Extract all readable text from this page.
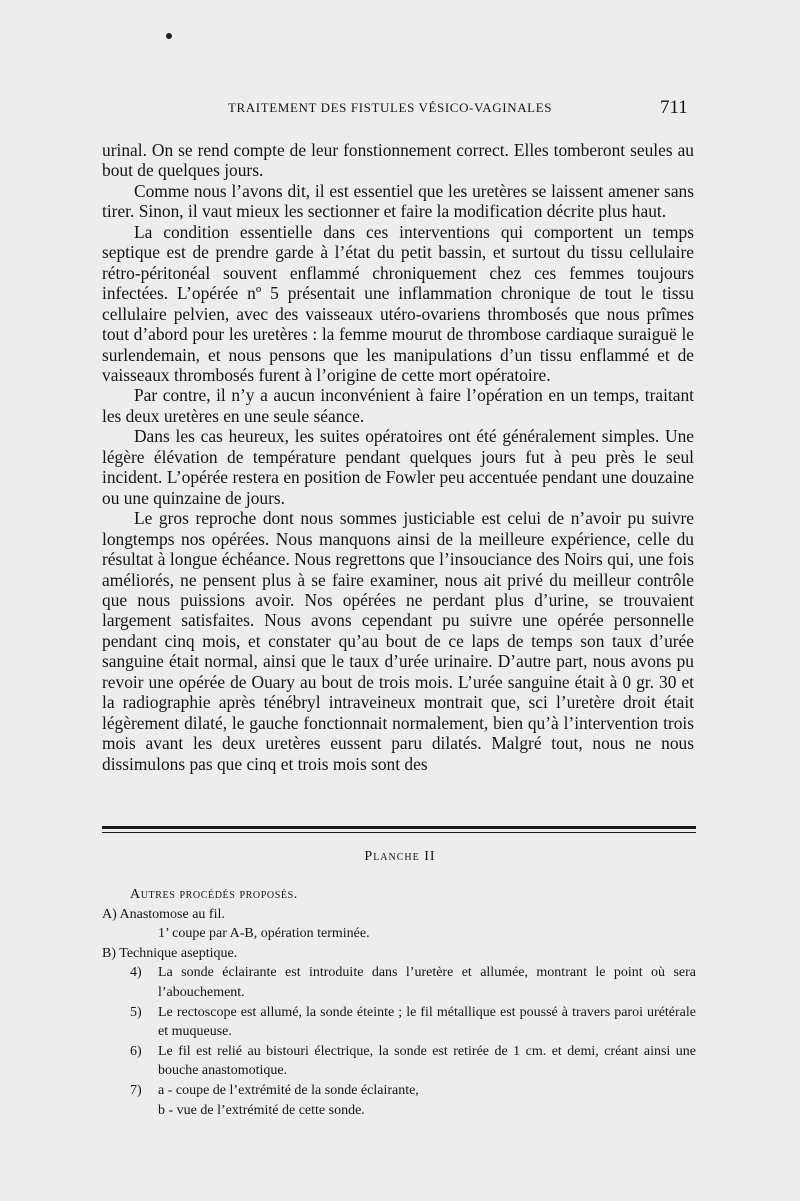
TRAITEMENT DES FISTULES VÉSICO-VAGINALES	711

urinal. On se rend compte de leur fonstionnement correct. Elles tomberont seules au bout de quelques jours.

Comme nous l’avons dit, il est essentiel que les uretères se laissent amener sans tirer. Sinon, il vaut mieux les sectionner et faire la modification décrite plus haut.

La condition essentielle dans ces interventions qui comportent un temps septique est de prendre garde à l’état du petit bassin, et surtout du tissu cellulaire rétro-péritonéal souvent enflammé chroniquement chez ces femmes toujours infectées. L’opérée nº 5 présentait une inflammation chronique de tout le tissu cellulaire pelvien, avec des vaisseaux utéro-ovariens thrombosés que nous prîmes tout d’abord pour les uretères : la femme mourut de thrombose cardiaque suraiguë le surlendemain, et nous pensons que les manipulations d’un tissu enflammé et de vaisseaux thrombosés furent à l’origine de cette mort opératoire.

Par contre, il n’y a aucun inconvénient à faire l’opération en un temps, traitant les deux uretères en une seule séance.

Dans les cas heureux, les suites opératoires ont été généralement simples. Une légère élévation de température pendant quelques jours fut à peu près le seul incident. L’opérée restera en position de Fowler peu accentuée pendant une douzaine ou une quinzaine de jours.

Le gros reproche dont nous sommes justiciable est celui de n’avoir pu suivre longtemps nos opérées. Nous manquons ainsi de la meilleure expérience, celle du résultat à longue échéance. Nous regrettons que l’insouciance des Noirs qui, une fois améliorés, ne pensent plus à se faire examiner, nous ait privé du meilleur contrôle que nous puissions avoir. Nos opérées ne perdant plus d’urine, se trouvaient largement satisfaites. Nous avons cependant pu suivre une opérée personnelle pendant cinq mois, et constater qu’au bout de ce laps de temps son taux d’urée sanguine était normal, ainsi que le taux d’urée urinaire. D’autre part, nous avons pu revoir une opérée de Ouary au bout de trois mois. L’urée sanguine était à 0 gr. 30 et la radiographie après ténébryl intraveineux montrait que, sci l’uretère droit était légèrement dilaté, le gauche fonctionnait normalement, bien qu’à l’intervention trois mois avant les deux uretères eussent paru dilatés. Malgré tout, nous ne nous dissimulons pas que cinq et trois mois sont des

Planche II
Autres procédés proposés.
A) Anastomose au fil.
1’ coupe par A-B, opération terminée.
B) Technique aseptique.
4)	La sonde éclairante est introduite dans l’uretère et allumée, montrant le point où sera l’abouchement.
5)	Le rectoscope est allumé, la sonde éteinte ; le fil métallique est poussé à travers paroi urétérale et muqueuse.
6)	Le fil est relié au bistouri électrique, la sonde est retirée de 1 cm. et demi, créant ainsi une bouche anastomotique.
7)	a - coupe de l’extrémité de la sonde éclairante,
b - vue de l’extrémité de cette sonde.
